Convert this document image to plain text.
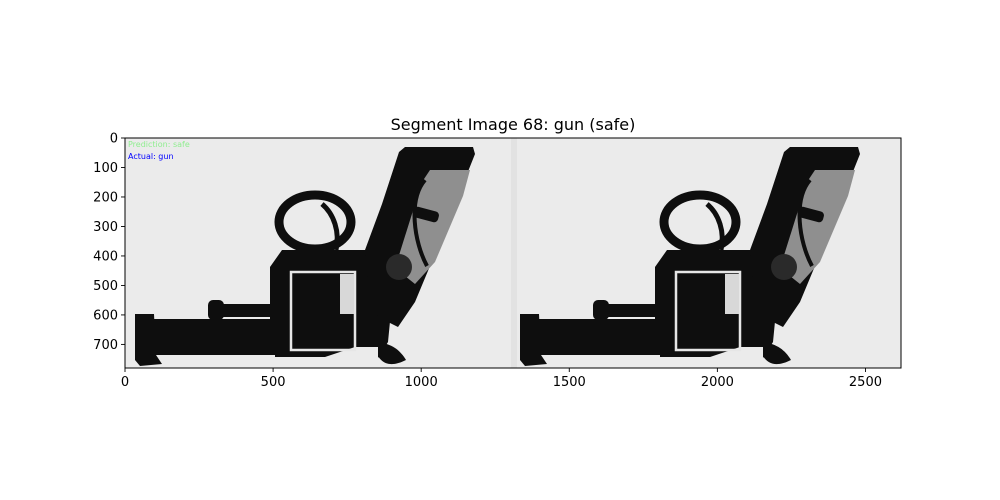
Segment Image 68: gun (safe)
Prediction: safe
Actual: gun
0	500	1000	1500	2000	2500
0
100
200
300
400
500
600
700
